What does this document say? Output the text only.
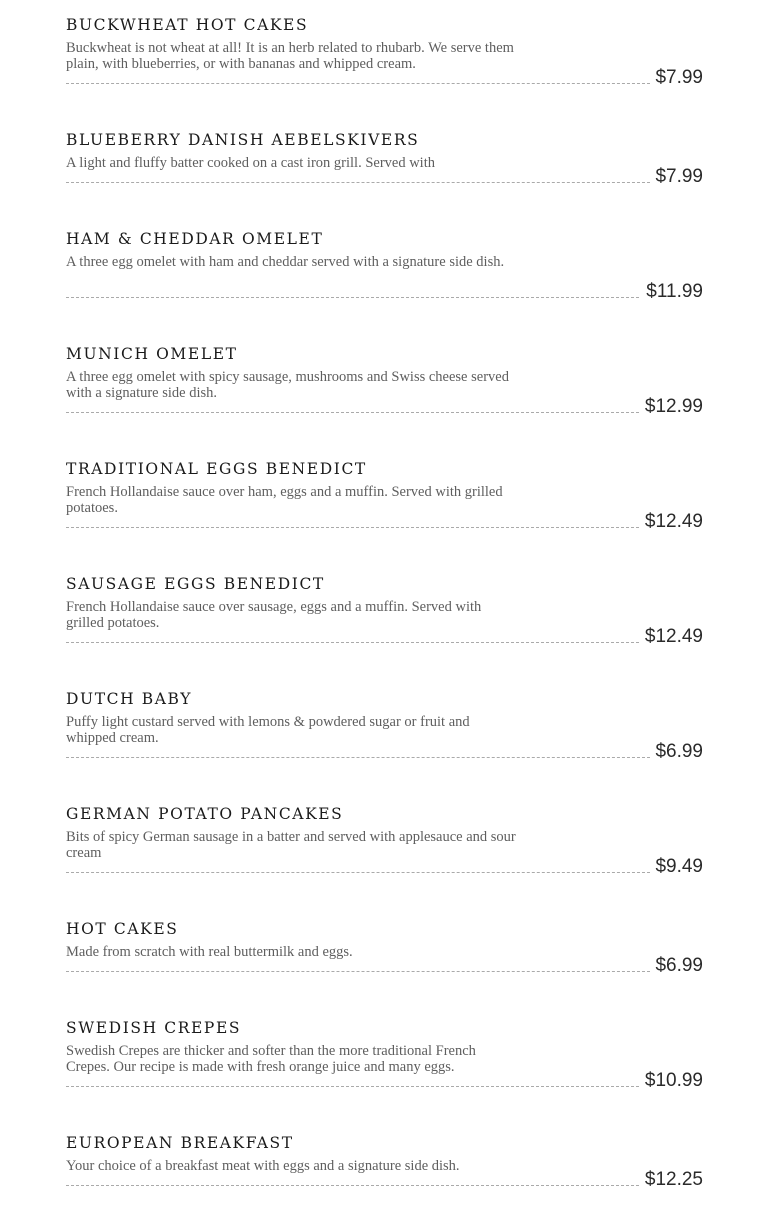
BUCKWHEAT HOT CAKES

Buckwheat is not wheat at all! It is an herb related to rhubarb. We serve them plain, with blueberries, or with bananas and whipped cream.

$7.99
BLUEBERRY DANISH AEBELSKIVERS

A light and fluffy batter cooked on a cast iron grill. Served with

$7.99
HAM & CHEDDAR OMELET

A three egg omelet with ham and cheddar served with a signature side dish.

$11.99
MUNICH OMELET

A three egg omelet with spicy sausage, mushrooms and Swiss cheese served with a signature side dish.

$12.99
TRADITIONAL EGGS BENEDICT

French Hollandaise sauce over ham, eggs and a muffin. Served with grilled potatoes.

$12.49
SAUSAGE EGGS BENEDICT

French Hollandaise sauce over sausage, eggs and a muffin. Served with grilled potatoes.

$12.49
DUTCH BABY

Puffy light custard served with lemons & powdered sugar or fruit and whipped cream.

$6.99
GERMAN POTATO PANCAKES

Bits of spicy German sausage in a batter and served with applesauce and sour cream

$9.49
HOT CAKES

Made from scratch with real buttermilk and eggs.

$6.99
SWEDISH CREPES

Swedish Crepes are thicker and softer than the more traditional French Crepes. Our recipe is made with fresh orange juice and many eggs.

$10.99
EUROPEAN BREAKFAST

Your choice of a breakfast meat with eggs and a signature side dish.

$12.25
